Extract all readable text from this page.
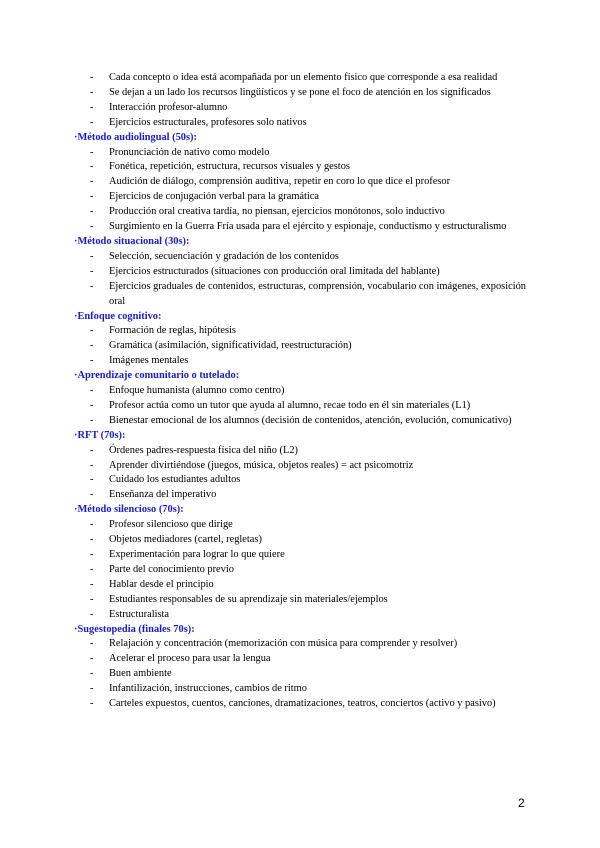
- Cada concepto o idea está acompañada por un elemento físico que corresponde a esa realidad
- Se dejan a un lado los recursos lingüísticos y se pone el foco de atención en los significados
- Interacción profesor-alumno
- Ejercicios estructurales, profesores solo nativos
·Método audiolingual (50s):
- Pronunciación de nativo como modelo
- Fonética, repetición, estructura, recursos visuales y gestos
- Audición de diálogo, comprensión auditiva, repetir en coro lo que dice el profesor
- Ejercicios de conjugación verbal para la gramática
- Producción oral creativa tardía, no piensan, ejercicios monótonos, solo inductivo
- Surgimiento en la Guerra Fría usada para el ejército y espionaje, conductismo y estructuralismo
·Método situacional (30s):
- Selección, secuenciación y gradación de los contenidos
- Ejercicios estructurados (situaciones con producción oral limitada del hablante)
- Ejercicios graduales de contenidos, estructuras, comprensión, vocabulario con imágenes, exposición oral
·Enfoque cognitivo:
- Formación de reglas, hipótesis
- Gramática (asimilación, significatividad, reestructuración)
- Imágenes mentales
·Aprendizaje comunitario o tutelado:
- Enfoque humanista (alumno como centro)
- Profesor actúa como un tutor que ayuda al alumno, recae todo en él sin materiales (L1)
- Bienestar emocional de los alumnos (decisión de contenidos, atención, evolución, comunicativo)
·RFT (70s):
- Órdenes padres-respuesta física del niño (L2)
- Aprender divirtiéndose (juegos, música, objetos reales) = act psicomotriz
- Cuidado los estudiantes adultos
- Enseñanza del imperativo
·Método silencioso (70s):
- Profesor silencioso que dirige
- Objetos mediadores (cartel, regletas)
- Experimentación para lograr lo que quiere
- Parte del conocimiento previo
- Hablar desde el principio
- Estudiantes responsables de su aprendizaje sin materiales/ejemplos
- Estructuralista
·Sugestopedia (finales 70s):
- Relajación y concentración (memorización con música para comprender y resolver)
- Acelerar el proceso para usar la lengua
- Buen ambiente
- Infantilización, instrucciones, cambios de ritmo
- Carteles expuestos, cuentos, canciones, dramatizaciones, teatros, conciertos (activo y pasivo)
2
